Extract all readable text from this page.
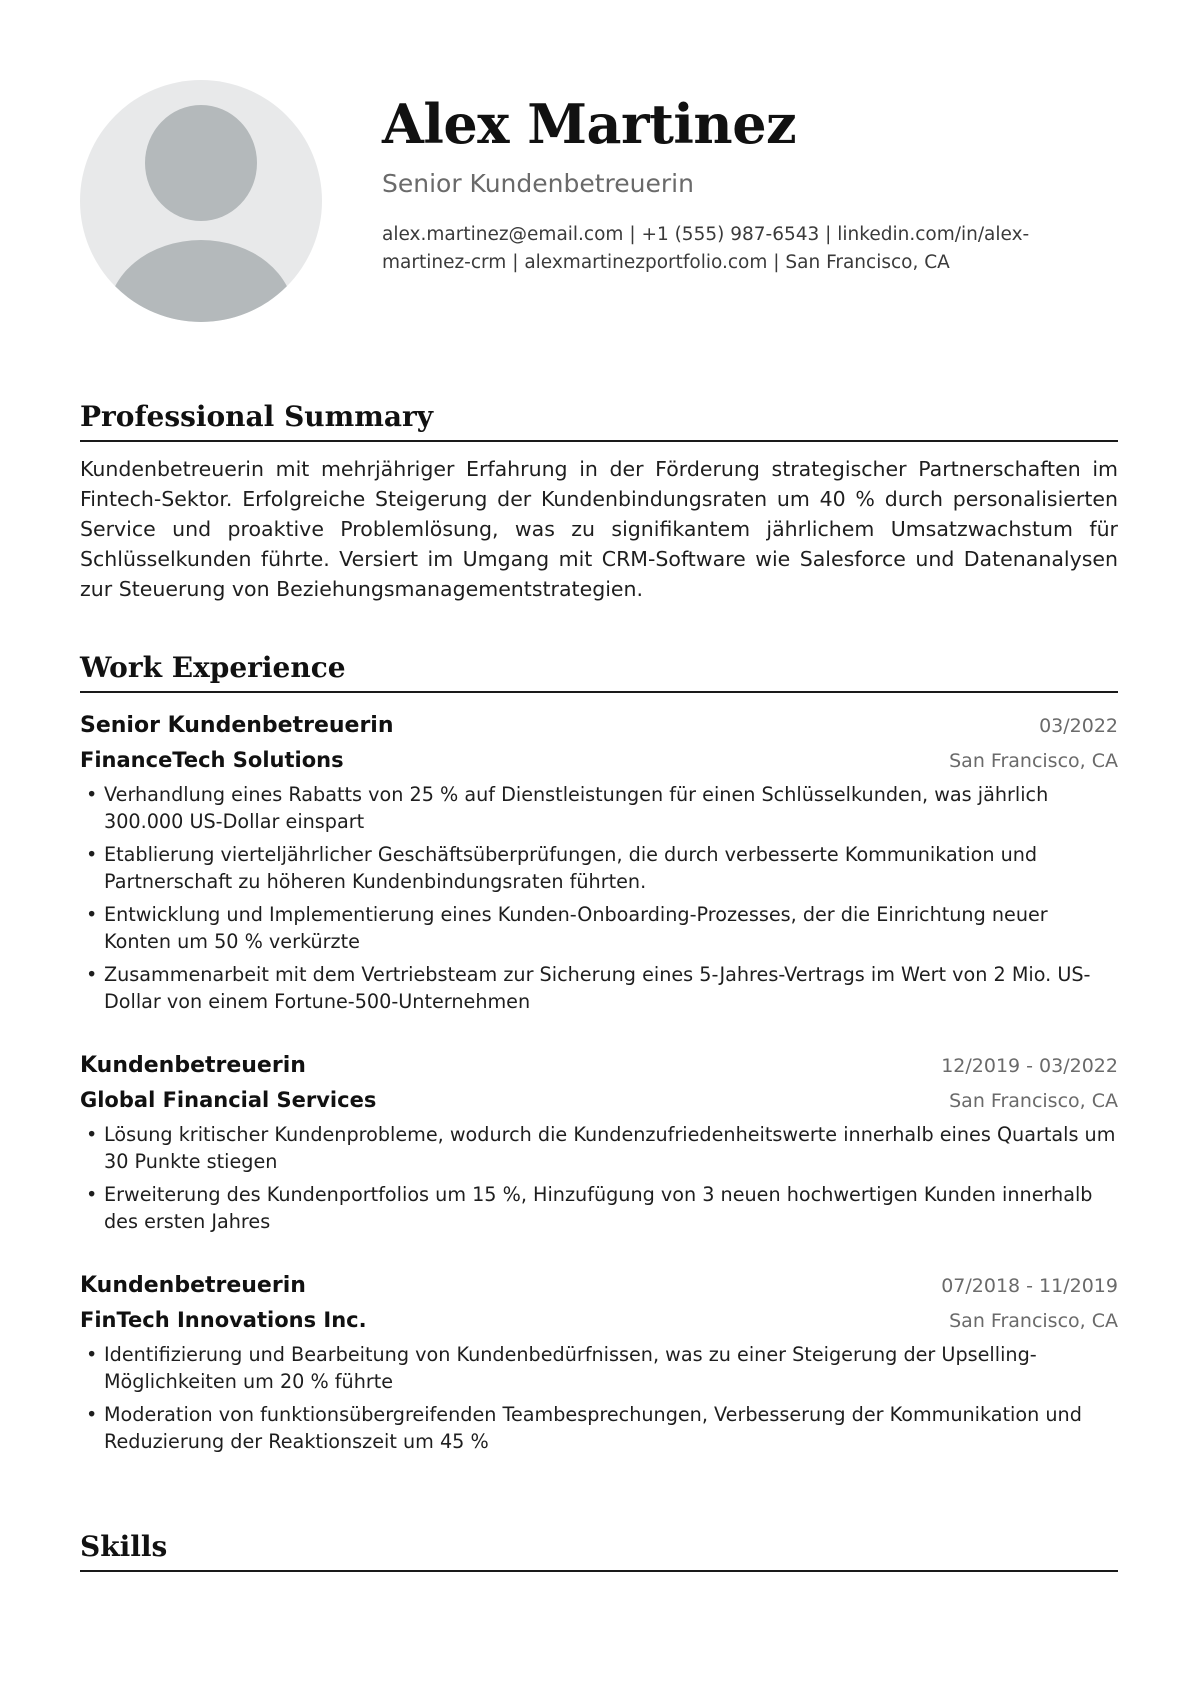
Alex Martinez
Senior Kundenbetreuerin
alex.martinez@email.com | +1 (555) 987-6543 | linkedin.com/in/alex-martinez-crm | alexmartinezportfolio.com | San Francisco, CA
Professional Summary
Kundenbetreuerin mit mehrjähriger Erfahrung in der Förderung strategischer Partnerschaften im Fintech-Sektor. Erfolgreiche Steigerung der Kundenbindungsraten um 40 % durch personalisierten Service und proaktive Problemlösung, was zu signifikantem jährlichem Umsatzwachstum für Schlüsselkunden führte. Versiert im Umgang mit CRM-Software wie Salesforce und Datenanalysen zur Steuerung von Beziehungsmanagementstrategien.
Work Experience
Senior Kundenbetreuerin	03/2022
FinanceTech Solutions	San Francisco, CA
• Verhandlung eines Rabatts von 25 % auf Dienstleistungen für einen Schlüsselkunden, was jährlich 300.000 US-Dollar einspart
• Etablierung vierteljährlicher Geschäftsüberprüfungen, die durch verbesserte Kommunikation und Partnerschaft zu höheren Kundenbindungsraten führten.
• Entwicklung und Implementierung eines Kunden-Onboarding-Prozesses, der die Einrichtung neuer Konten um 50 % verkürzte
• Zusammenarbeit mit dem Vertriebsteam zur Sicherung eines 5-Jahres-Vertrags im Wert von 2 Mio. US-Dollar von einem Fortune-500-Unternehmen
Kundenbetreuerin	12/2019 - 03/2022
Global Financial Services	San Francisco, CA
• Lösung kritischer Kundenprobleme, wodurch die Kundenzufriedenheitswerte innerhalb eines Quartals um 30 Punkte stiegen
• Erweiterung des Kundenportfolios um 15 %, Hinzufügung von 3 neuen hochwertigen Kunden innerhalb des ersten Jahres
Kundenbetreuerin	07/2018 - 11/2019
FinTech Innovations Inc.	San Francisco, CA
• Identifizierung und Bearbeitung von Kundenbedürfnissen, was zu einer Steigerung der Upselling-Möglichkeiten um 20 % führte
• Moderation von funktionsübergreifenden Teambesprechungen, Verbesserung der Kommunikation und Reduzierung der Reaktionszeit um 45 %
Skills
